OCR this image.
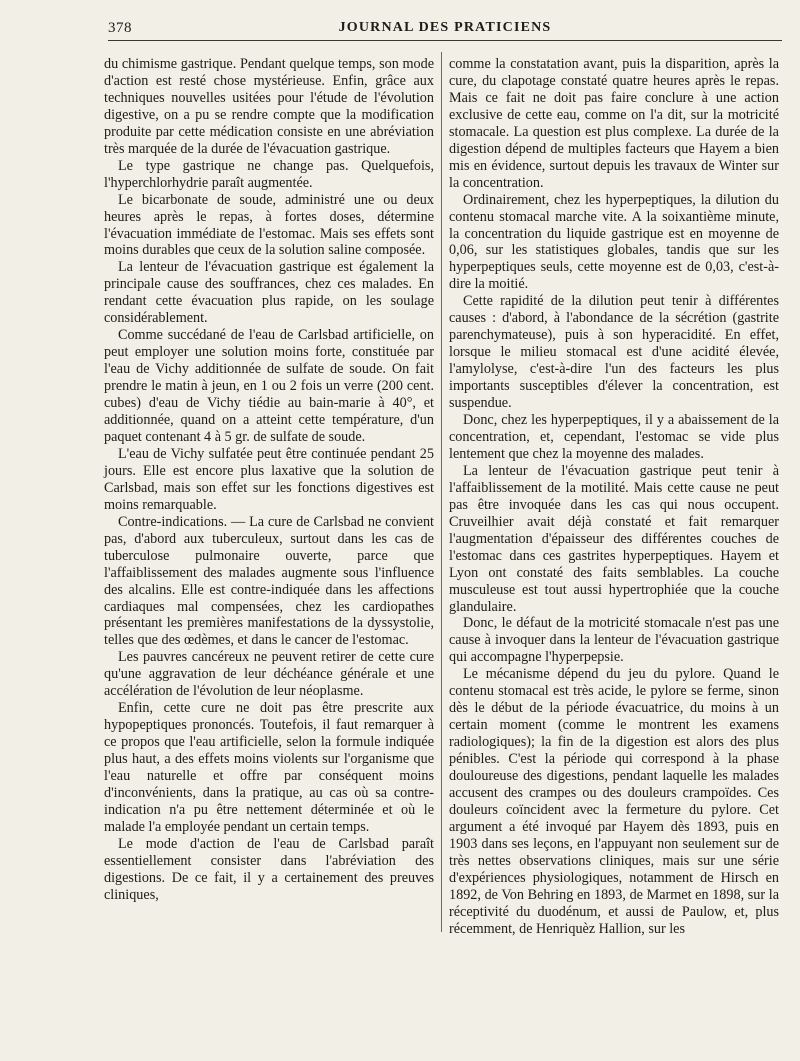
378	JOURNAL DES PRATICIENS

du chimisme gastrique. Pendant quelque temps, son mode d'action est resté chose mystérieuse. Enfin, grâce aux techniques nouvelles usitées pour l'étude de l'évolution digestive, on a pu se rendre compte que la modification produite par cette médication consiste en une abréviation très marquée de la durée de l'évacuation gastrique.

Le type gastrique ne change pas. Quelquefois, l'hyperchlorhydrie paraît augmentée.

Le bicarbonate de soude, administré une ou deux heures après le repas, à fortes doses, détermine l'évacuation immédiate de l'estomac. Mais ses effets sont moins durables que ceux de la solution saline composée.

La lenteur de l'évacuation gastrique est également la principale cause des souffrances, chez ces malades. En rendant cette évacuation plus rapide, on les soulage considérablement.

Comme succédané de l'eau de Carlsbad artificielle, on peut employer une solution moins forte, constituée par l'eau de Vichy additionnée de sulfate de soude. On fait prendre le matin à jeun, en 1 ou 2 fois un verre (200 cent. cubes) d'eau de Vichy tiédie au bain-marie à 40°, et additionnée, quand on a atteint cette température, d'un paquet contenant 4 à 5 gr. de sulfate de soude.

L'eau de Vichy sulfatée peut être continuée pendant 25 jours. Elle est encore plus laxative que la solution de Carlsbad, mais son effet sur les fonctions digestives est moins remarquable.

Contre-indications. — La cure de Carlsbad ne convient pas, d'abord aux tuberculeux, surtout dans les cas de tuberculose pulmonaire ouverte, parce que l'affaiblissement des malades augmente sous l'influence des alcalins. Elle est contre-indiquée dans les affections cardiaques mal compensées, chez les cardiopathes présentant les premières manifestations de la dyssystolie, telles que des œdèmes, et dans le cancer de l'estomac.

Les pauvres cancéreux ne peuvent retirer de cette cure qu'une aggravation de leur déchéance générale et une accélération de l'évolution de leur néoplasme.

Enfin, cette cure ne doit pas être prescrite aux hypopeptiques prononcés. Toutefois, il faut remarquer à ce propos que l'eau artificielle, selon la formule indiquée plus haut, a des effets moins violents sur l'organisme que l'eau naturelle et offre par conséquent moins d'inconvénients, dans la pratique, au cas où sa contre-indication n'a pu être nettement déterminée et où le malade l'a employée pendant un certain temps.

Le mode d'action de l'eau de Carlsbad paraît essentiellement consister dans l'abréviation des digestions. De ce fait, il y a certainement des preuves cliniques,

comme la constatation avant, puis la disparition, après la cure, du clapotage constaté quatre heures après le repas. Mais ce fait ne doit pas faire conclure à une action exclusive de cette eau, comme on l'a dit, sur la motricité stomacale. La question est plus complexe. La durée de la digestion dépend de multiples facteurs que Hayem a bien mis en évidence, surtout depuis les travaux de Winter sur la concentration.

Ordinairement, chez les hyperpeptiques, la dilution du contenu stomacal marche vite. A la soixantième minute, la concentration du liquide gastrique est en moyenne de 0,06, sur les statistiques globales, tandis que sur les hyperpeptiques seuls, cette moyenne est de 0,03, c'est-à-dire la moitié.

Cette rapidité de la dilution peut tenir à différentes causes : d'abord, à l'abondance de la sécrétion (gastrite parenchymateuse), puis à son hyperacidité. En effet, lorsque le milieu stomacal est d'une acidité élevée, l'amylolyse, c'est-à-dire l'un des facteurs les plus importants susceptibles d'élever la concentration, est suspendue.

Donc, chez les hyperpeptiques, il y a abaissement de la concentration, et, cependant, l'estomac se vide plus lentement que chez la moyenne des malades.

La lenteur de l'évacuation gastrique peut tenir à l'affaiblissement de la motilité. Mais cette cause ne peut pas être invoquée dans les cas qui nous occupent. Cruveilhier avait déjà constaté et fait remarquer l'augmentation d'épaisseur des différentes couches de l'estomac dans ces gastrites hyperpeptiques. Hayem et Lyon ont constaté des faits semblables. La couche musculeuse est tout aussi hypertrophiée que la couche glandulaire.

Donc, le défaut de la motricité stomacale n'est pas une cause à invoquer dans la lenteur de l'évacuation gastrique qui accompagne l'hyperpepsie.

Le mécanisme dépend du jeu du pylore. Quand le contenu stomacal est très acide, le pylore se ferme, sinon dès le début de la période évacuatrice, du moins à un certain moment (comme le montrent les examens radiologiques); la fin de la digestion est alors des plus pénibles. C'est la période qui correspond à la phase douloureuse des digestions, pendant laquelle les malades accusent des crampes ou des douleurs crampoïdes. Ces douleurs coïncident avec la fermeture du pylore. Cet argument a été invoqué par Hayem dès 1893, puis en 1903 dans ses leçons, en l'appuyant non seulement sur de très nettes observations cliniques, mais sur une série d'expériences physiologiques, notamment de Hirsch en 1892, de Von Behring en 1893, de Marmet en 1898, sur la réceptivité du duodénum, et aussi de Paulow, et, plus récemment, de Henriquèz Hallion, sur les
